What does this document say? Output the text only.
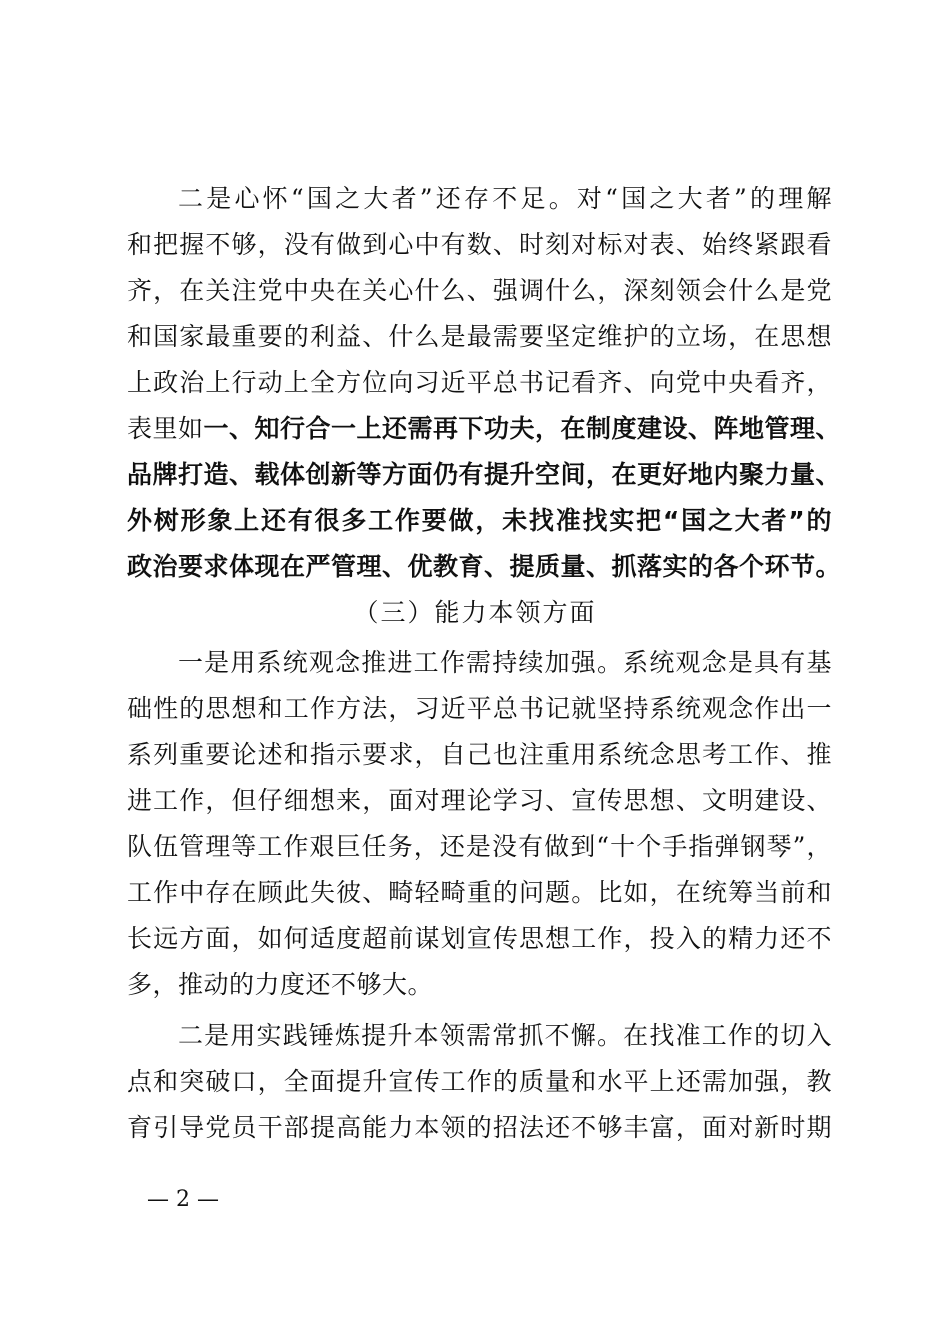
二是心怀“国之大者”还存不足。对“国之大者”的理解
和把握不够，没有做到心中有数、时刻对标对表、始终紧跟看
齐，在关注党中央在关心什么、强调什么，深刻领会什么是党
和国家最重要的利益、什么是最需要坚定维护的立场，在思想
上政治上行动上全方位向习近平总书记看齐、向党中央看齐，
表里如一、知行合一上还需再下功夫，在制度建设、阵地管理、
品牌打造、载体创新等方面仍有提升空间，在更好地内聚力量、
外树形象上还有很多工作要做，未找准找实把“国之大者”的
政治要求体现在严管理、优教育、提质量、抓落实的各个环节。
（三）能力本领方面
一是用系统观念推进工作需持续加强。系统观念是具有基
础性的思想和工作方法，习近平总书记就坚持系统观念作出一
系列重要论述和指示要求，自己也注重用系统念思考工作、推
进工作，但仔细想来，面对理论学习、宣传思想、文明建设、
队伍管理等工作艰巨任务，还是没有做到“十个手指弹钢琴”，
工作中存在顾此失彼、畸轻畸重的问题。比如，在统筹当前和
长远方面，如何适度超前谋划宣传思想工作，投入的精力还不
多，推动的力度还不够大。
二是用实践锤炼提升本领需常抓不懈。在找准工作的切入
点和突破口，全面提升宣传工作的质量和水平上还需加强，教
育引导党员干部提高能力本领的招法还不够丰富，面对新时期
— 2 —
